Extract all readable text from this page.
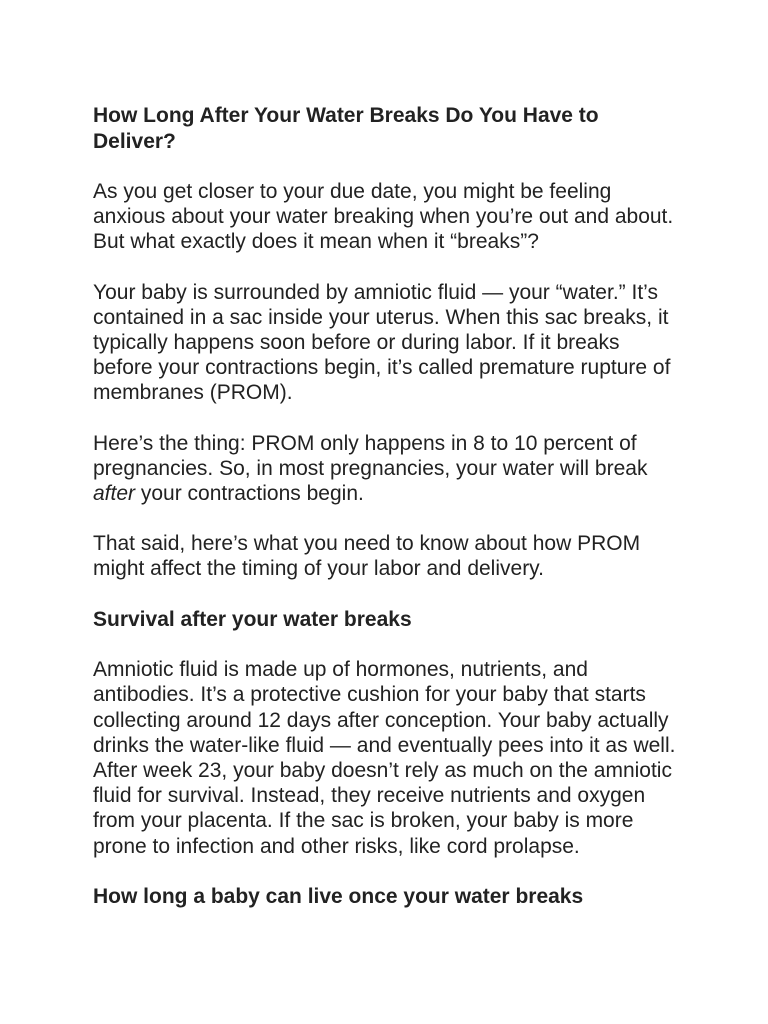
How Long After Your Water Breaks Do You Have to Deliver?

As you get closer to your due date, you might be feeling anxious about your water breaking when you’re out and about. But what exactly does it mean when it “breaks”?

Your baby is surrounded by amniotic fluid — your “water.” It’s contained in a sac inside your uterus. When this sac breaks, it typically happens soon before or during labor. If it breaks before your contractions begin, it’s called premature rupture of membranes (PROM).

Here’s the thing: PROM only happens in 8 to 10 percent of pregnancies. So, in most pregnancies, your water will break after your contractions begin.

That said, here’s what you need to know about how PROM might affect the timing of your labor and delivery.

Survival after your water breaks

Amniotic fluid is made up of hormones, nutrients, and antibodies. It’s a protective cushion for your baby that starts collecting around 12 days after conception. Your baby actually drinks the water-like fluid — and eventually pees into it as well. After week 23, your baby doesn’t rely as much on the amniotic fluid for survival. Instead, they receive nutrients and oxygen from your placenta. If the sac is broken, your baby is more prone to infection and other risks, like cord prolapse.

How long a baby can live once your water breaks
